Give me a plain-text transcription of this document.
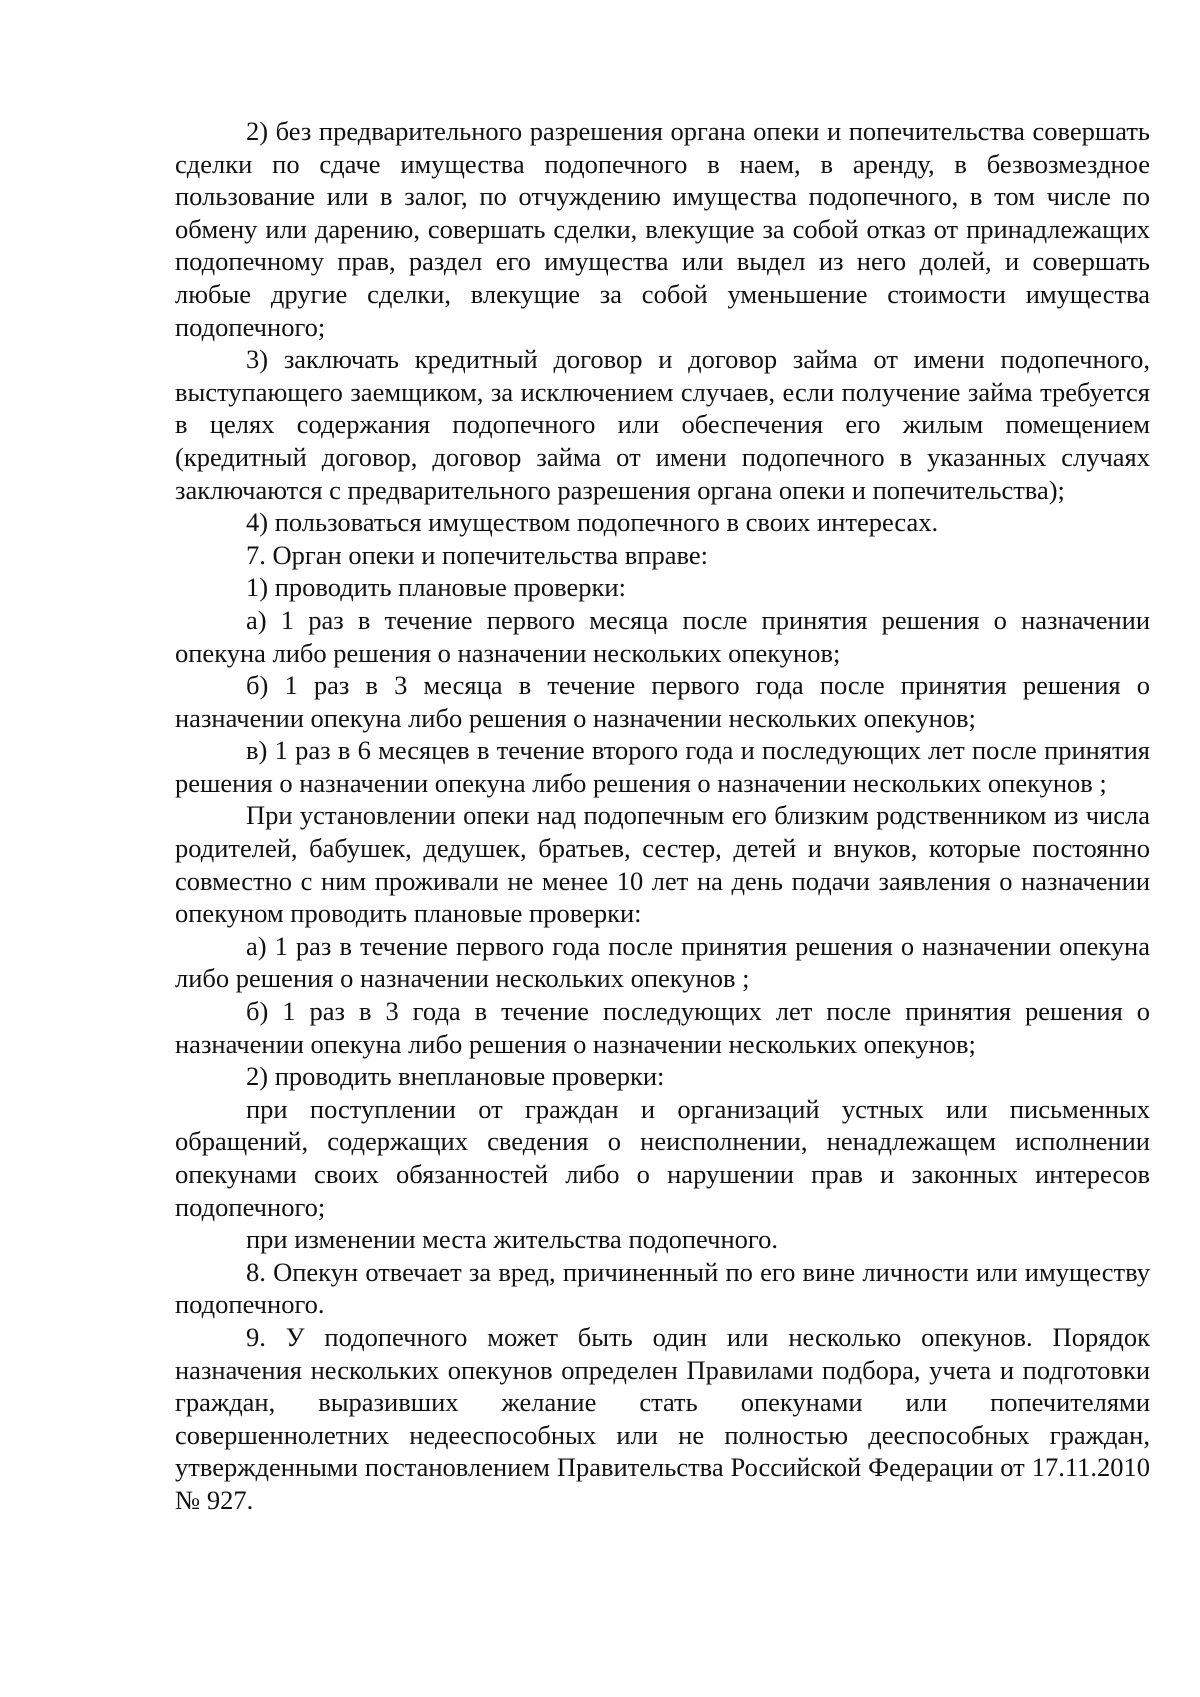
2) без предварительного разрешения органа опеки и попечительства совершать сделки по сдаче имущества подопечного в наем, в аренду, в безвозмездное пользование или в залог, по отчуждению имущества подопечного, в том числе по обмену или дарению, совершать сделки, влекущие за собой отказ от принадлежащих подопечному прав, раздел его имущества или выдел из него долей, и совершать любые другие сделки, влекущие за собой уменьшение стоимости имущества подопечного;

3) заключать кредитный договор и договор займа от имени подопечного, выступающего заемщиком, за исключением случаев, если получение займа требуется в целях содержания подопечного или обеспечения его жилым помещением (кредитный договор, договор займа от имени подопечного в указанных случаях заключаются с предварительного разрешения органа опеки и попечительства);

4) пользоваться имуществом подопечного в своих интересах.

7. Орган опеки и попечительства вправе:

1) проводить плановые проверки:

а) 1 раз в течение первого месяца после принятия решения о назначении опекуна либо решения о назначении нескольких опекунов;

б) 1 раз в 3 месяца в течение первого года после принятия решения о назначении опекуна либо решения о назначении нескольких опекунов;

в) 1 раз в 6 месяцев в течение второго года и последующих лет после принятия решения о назначении опекуна либо решения о назначении нескольких опекунов ;

При установлении опеки над подопечным его близким родственником из числа родителей, бабушек, дедушек, братьев, сестер, детей и внуков, которые постоянно совместно с ним проживали не менее 10 лет на день подачи заявления о назначении опекуном проводить плановые проверки:

а) 1 раз в течение первого года после принятия решения о назначении опекуна либо решения о назначении нескольких опекунов ;

б) 1 раз в 3 года в течение последующих лет после принятия решения о назначении опекуна либо решения о назначении нескольких опекунов;

2) проводить внеплановые проверки:

при поступлении от граждан и организаций устных или письменных обращений, содержащих сведения о неисполнении, ненадлежащем исполнении опекунами своих обязанностей либо о нарушении прав и законных интересов подопечного;

при изменении места жительства подопечного.

8. Опекун отвечает за вред, причиненный по его вине личности или имуществу подопечного.

9. У подопечного может быть один или несколько опекунов. Порядок назначения нескольких опекунов определен Правилами подбора, учета и подготовки граждан, выразивших желание стать опекунами или попечителями совершеннолетних недееспособных или не полностью дееспособных граждан, утвержденными постановлением Правительства Российской Федерации от 17.11.2010 № 927.
